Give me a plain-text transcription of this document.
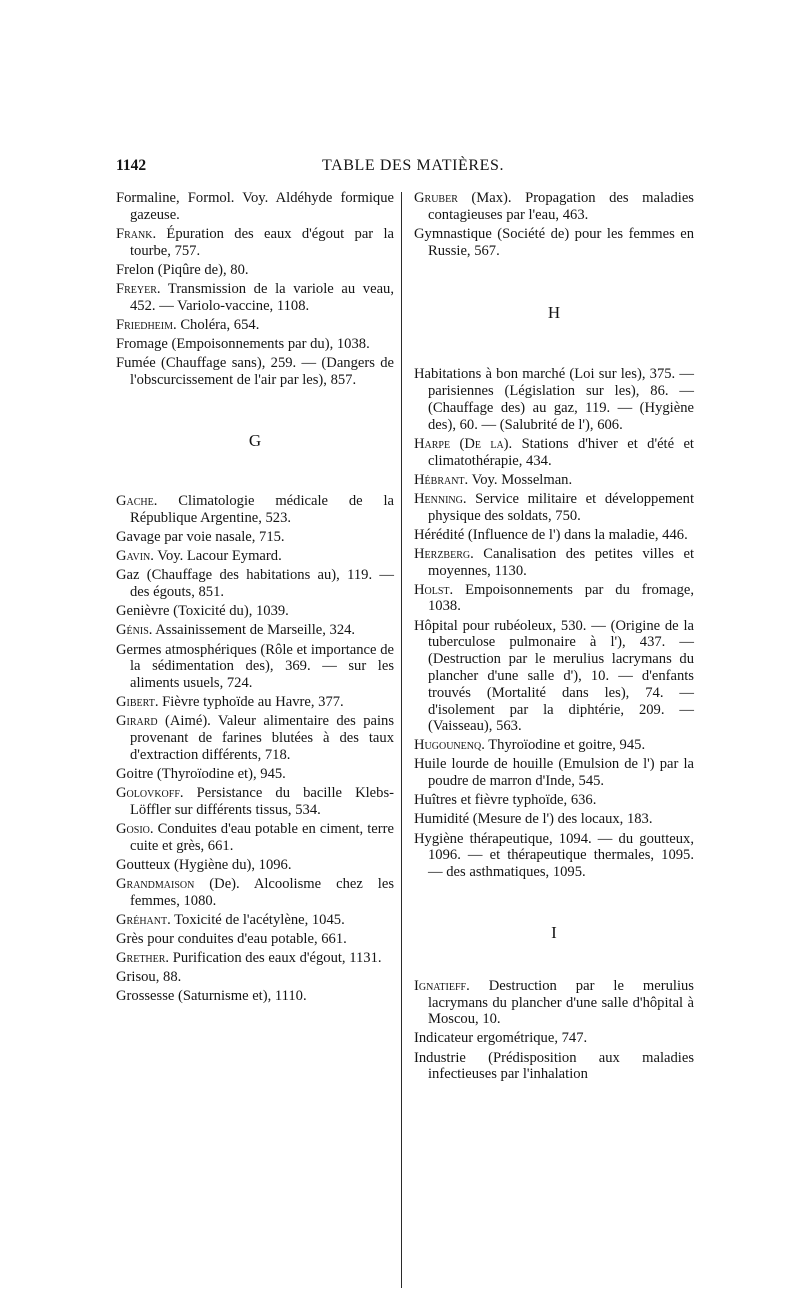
1142	TABLE DES MATIÈRES.

Formaline, Formol. Voy. Aldéhyde formique gazeuse.

Frank. Épuration des eaux d'égout par la tourbe, 757.

Frelon (Piqûre de), 80.

Freyer. Transmission de la variole au veau, 452. — Variolo-vaccine, 1108.

Friedheim. Choléra, 654.

Fromage (Empoisonnements par du), 1038.

Fumée (Chauffage sans), 259. — (Dangers de l'obscurcissement de l'air par les), 857.

G

Gache. Climatologie médicale de la République Argentine, 523.

Gavage par voie nasale, 715.

Gavin. Voy. Lacour Eymard.

Gaz (Chauffage des habitations au), 119. — des égouts, 851.

Genièvre (Toxicité du), 1039.

Génis. Assainissement de Marseille, 324.

Germes atmosphériques (Rôle et importance de la sédimentation des), 369. — sur les aliments usuels, 724.

Gibert. Fièvre typhoïde au Havre, 377.

Girard (Aimé). Valeur alimentaire des pains provenant de farines blutées à des taux d'extraction différents, 718.

Goitre (Thyroïodine et), 945.

Golovkoff. Persistance du bacille Klebs-Löffler sur différents tissus, 534.

Gosio. Conduites d'eau potable en ciment, terre cuite et grès, 661.

Goutteux (Hygiène du), 1096.

Grandmaison (De). Alcoolisme chez les femmes, 1080.

Gréhant. Toxicité de l'acétylène, 1045.

Grès pour conduites d'eau potable, 661.

Grether. Purification des eaux d'égout, 1131.

Grisou, 88.

Grossesse (Saturnisme et), 1110.

Gruber (Max). Propagation des maladies contagieuses par l'eau, 463.

Gymnastique (Société de) pour les femmes en Russie, 567.

H

Habitations à bon marché (Loi sur les), 375. — parisiennes (Législation sur les), 86. — (Chauffage des) au gaz, 119. — (Hygiène des), 60. — (Salubrité de l'), 606.

Harpe (De la). Stations d'hiver et d'été et climatothérapie, 434.

Hébrant. Voy. Mosselman.

Henning. Service militaire et développement physique des soldats, 750.

Hérédité (Influence de l') dans la maladie, 446.

Herzberg. Canalisation des petites villes et moyennes, 1130.

Holst. Empoisonnements par du fromage, 1038.

Hôpital pour rubéoleux, 530. — (Origine de la tuberculose pulmonaire à l'), 437. — (Destruction par le merulius lacrymans du plancher d'une salle d'), 10. — d'enfants trouvés (Mortalité dans les), 74. — d'isolement par la diphtérie, 209. — (Vaisseau), 563.

Hugounenq. Thyroïodine et goitre, 945.

Huile lourde de houille (Emulsion de l') par la poudre de marron d'Inde, 545.

Huîtres et fièvre typhoïde, 636.

Humidité (Mesure de l') des locaux, 183.

Hygiène thérapeutique, 1094. — du goutteux, 1096. — et thérapeutique thermales, 1095. — des asthmatiques, 1095.

I

Ignatieff. Destruction par le merulius lacrymans du plancher d'une salle d'hôpital à Moscou, 10.

Indicateur ergométrique, 747.

Industrie (Prédisposition aux maladies infectieuses par l'inhalation
